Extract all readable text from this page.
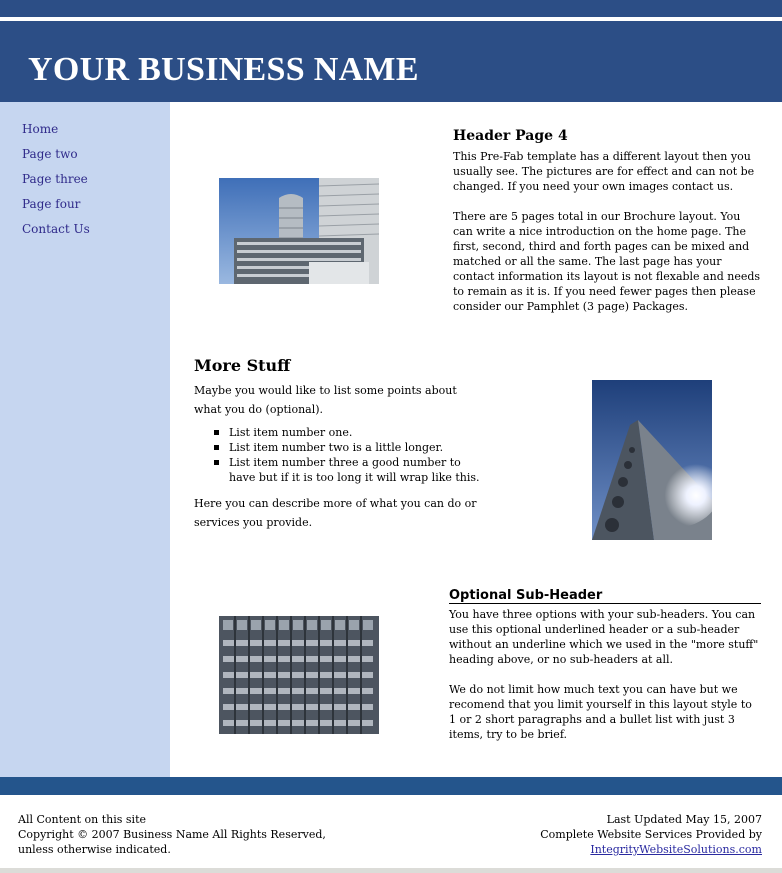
YOUR BUSINESS NAME
Home
Page two
Page three
Page four
Contact Us
Header Page 4

This Pre-Fab template has a different layout then you usually see. The pictures are for effect and can not be changed. If you need your own images contact us.

There are 5 pages total in our Brochure layout. You can write a nice introduction on the home page. The first, second, third and forth pages can be mixed and matched or all the same. The last page has your contact information its layout is not flexable and needs to remain as it is. If you need fewer pages then please consider our Pamphlet (3 page) Packages.

More Stuff

Maybe you would like to list some points about what you do (optional).

List item number one.
List item number two is a little longer.
List item number three a good number to have but if it is too long it will wrap like this.

Here you can describe more of what you can do or services you provide.

Optional Sub-Header

You have three options with your sub-headers. You can use this optional underlined header or a sub-header without an underline which we used in the "more stuff" heading above, or no sub-headers at all.

We do not limit how much text you can have but we recomend that you limit yourself in this layout style to 1 or 2 short paragraphs and a bullet list with just 3 items, try to be brief.

All Content on this site
Copyright © 2007 Business Name All Rights Reserved,
unless otherwise indicated.
Last Updated May 15, 2007
Complete Website Services Provided by
IntegrityWebsiteSolutions.com
